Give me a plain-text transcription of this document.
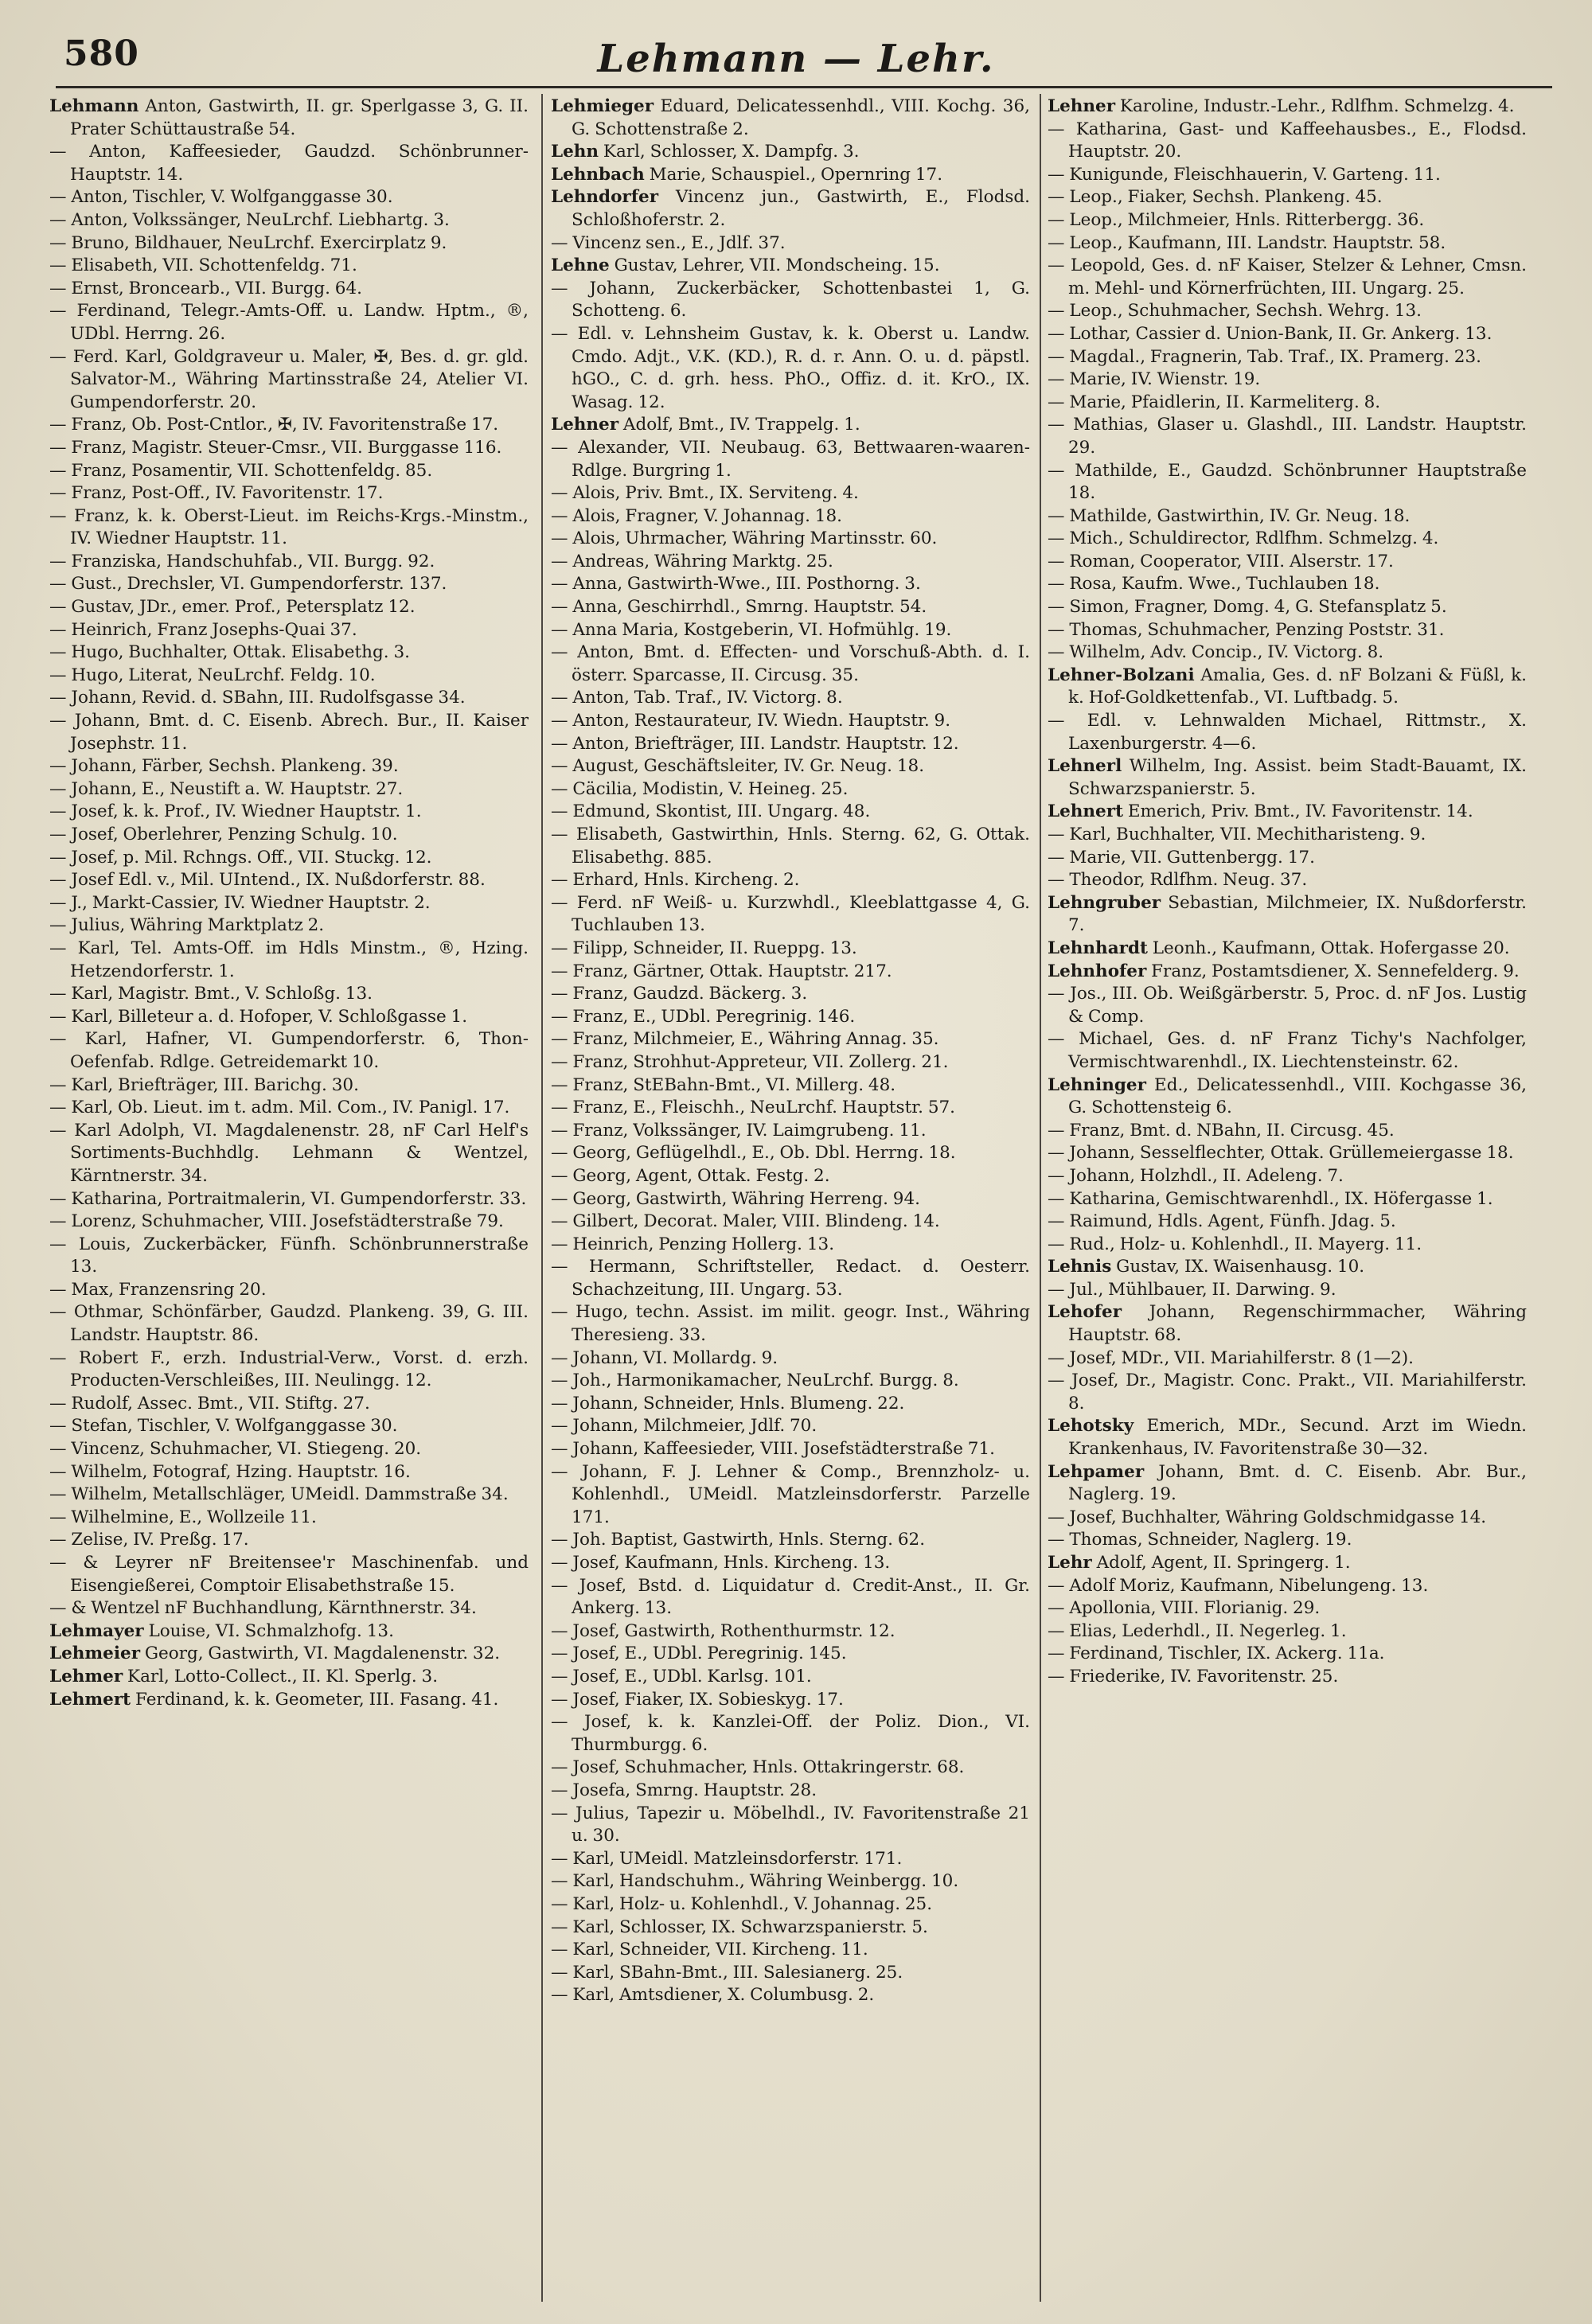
580	Lehmann — Lehr.

Lehmann Anton, Gastwirth, II. gr. Sperlgasse 3, G. II. Prater Schüttaustraße 54.

— Anton, Kaffeesieder, Gaudzd. Schönbrunner-Hauptstr. 14.

— Anton, Tischler, V. Wolfganggasse 30.

— Anton, Volkssänger, NeuLrchf. Liebhartg. 3.

— Bruno, Bildhauer, NeuLrchf. Exercirplatz 9.

— Elisabeth, VII. Schottenfeldg. 71.

— Ernst, Broncearb., VII. Burgg. 64.

— Ferdinand, Telegr.-Amts-Off. u. Landw. Hptm., ®, UDbl. Herrng. 26.

— Ferd. Karl, Goldgraveur u. Maler, ✠, Bes. d. gr. gld. Salvator-M., Währing Martinsstraße 24, Atelier VI. Gumpendorferstr. 20.

— Franz, Ob. Post-Cntlor., ✠, IV. Favoritenstraße 17.

— Franz, Magistr. Steuer-Cmsr., VII. Burggasse 116.

— Franz, Posamentir, VII. Schottenfeldg. 85.

— Franz, Post-Off., IV. Favoritenstr. 17.

— Franz, k. k. Oberst-Lieut. im Reichs-Krgs.-Minstm., IV. Wiedner Hauptstr. 11.

— Franziska, Handschuhfab., VII. Burgg. 92.

— Gust., Drechsler, VI. Gumpendorferstr. 137.

— Gustav, JDr., emer. Prof., Petersplatz 12.

— Heinrich, Franz Josephs-Quai 37.

— Hugo, Buchhalter, Ottak. Elisabethg. 3.

— Hugo, Literat, NeuLrchf. Feldg. 10.

— Johann, Revid. d. SBahn, III. Rudolfsgasse 34.

— Johann, Bmt. d. C. Eisenb. Abrech. Bur., II. Kaiser Josephstr. 11.

— Johann, Färber, Sechsh. Plankeng. 39.

— Johann, E., Neustift a. W. Hauptstr. 27.

— Josef, k. k. Prof., IV. Wiedner Hauptstr. 1.

— Josef, Oberlehrer, Penzing Schulg. 10.

— Josef, p. Mil. Rchngs. Off., VII. Stuckg. 12.

— Josef Edl. v., Mil. UIntend., IX. Nußdorferstr. 88.

— J., Markt-Cassier, IV. Wiedner Hauptstr. 2.

— Julius, Währing Marktplatz 2.

— Karl, Tel. Amts-Off. im Hdls Minstm., ®, Hzing. Hetzendorferstr. 1.

— Karl, Magistr. Bmt., V. Schloßg. 13.

— Karl, Billeteur a. d. Hofoper, V. Schloßgasse 1.

— Karl, Hafner, VI. Gumpendorferstr. 6, Thon-Oefenfab. Rdlge. Getreidemarkt 10.

— Karl, Briefträger, III. Barichg. 30.

— Karl, Ob. Lieut. im t. adm. Mil. Com., IV. Panigl. 17.

— Karl Adolph, VI. Magdalenenstr. 28, nF Carl Helf's Sortiments-Buchhdlg. Lehmann & Wentzel, Kärntnerstr. 34.

— Katharina, Portraitmalerin, VI. Gumpendorferstr. 33.

— Lorenz, Schuhmacher, VIII. Josefstädterstraße 79.

— Louis, Zuckerbäcker, Fünfh. Schönbrunnerstraße 13.

— Max, Franzensring 20.

— Othmar, Schönfärber, Gaudzd. Plankeng. 39, G. III. Landstr. Hauptstr. 86.

— Robert F., erzh. Industrial-Verw., Vorst. d. erzh. Producten-Verschleißes, III. Neulingg. 12.

— Rudolf, Assec. Bmt., VII. Stiftg. 27.

— Stefan, Tischler, V. Wolfganggasse 30.

— Vincenz, Schuhmacher, VI. Stiegeng. 20.

— Wilhelm, Fotograf, Hzing. Hauptstr. 16.

— Wilhelm, Metallschläger, UMeidl. Dammstraße 34.

— Wilhelmine, E., Wollzeile 11.

— Zelise, IV. Preßg. 17.

— & Leyrer nF Breitensee'r Maschinenfab. und Eisengießerei, Comptoir Elisabethstraße 15.

— & Wentzel nF Buchhandlung, Kärnthnerstr. 34.

Lehmayer Louise, VI. Schmalzhofg. 13.

Lehmeier Georg, Gastwirth, VI. Magdalenenstr. 32.

Lehmer Karl, Lotto-Collect., II. Kl. Sperlg. 3.

Lehmert Ferdinand, k. k. Geometer, III. Fasang. 41.

Lehmieger Eduard, Delicatessenhdl., VIII. Kochg. 36, G. Schottenstraße 2.

Lehn Karl, Schlosser, X. Dampfg. 3.

Lehnbach Marie, Schauspiel., Opernring 17.

Lehndorfer Vincenz jun., Gastwirth, E., Flodsd. Schloßhoferstr. 2.

— Vincenz sen., E., Jdlf. 37.

Lehne Gustav, Lehrer, VII. Mondscheing. 15.

— Johann, Zuckerbäcker, Schottenbastei 1, G. Schotteng. 6.

— Edl. v. Lehnsheim Gustav, k. k. Oberst u. Landw. Cmdo. Adjt., V.K. (KD.), R. d. r. Ann. O. u. d. päpstl. hGO., C. d. grh. hess. PhO., Offiz. d. it. KrO., IX. Wasag. 12.

Lehner Adolf, Bmt., IV. Trappelg. 1.

— Alexander, VII. Neubaug. 63, Bettwaaren-waaren-Rdlge. Burgring 1.

— Alois, Priv. Bmt., IX. Serviteng. 4.

— Alois, Fragner, V. Johannag. 18.

— Alois, Uhrmacher, Währing Martinsstr. 60.

— Andreas, Währing Marktg. 25.

— Anna, Gastwirth-Wwe., III. Posthorng. 3.

— Anna, Geschirrhdl., Smrng. Hauptstr. 54.

— Anna Maria, Kostgeberin, VI. Hofmühlg. 19.

— Anton, Bmt. d. Effecten- und Vorschuß-Abth. d. I. österr. Sparcasse, II. Circusg. 35.

— Anton, Tab. Traf., IV. Victorg. 8.

— Anton, Restaurateur, IV. Wiedn. Hauptstr. 9.

— Anton, Briefträger, III. Landstr. Hauptstr. 12.

— August, Geschäftsleiter, IV. Gr. Neug. 18.

— Cäcilia, Modistin, V. Heineg. 25.

— Edmund, Skontist, III. Ungarg. 48.

— Elisabeth, Gastwirthin, Hnls. Sterng. 62, G. Ottak. Elisabethg. 885.

— Erhard, Hnls. Kircheng. 2.

— Ferd. nF Weiß- u. Kurzwhdl., Kleeblattgasse 4, G. Tuchlauben 13.

— Filipp, Schneider, II. Rueppg. 13.

— Franz, Gärtner, Ottak. Hauptstr. 217.

— Franz, Gaudzd. Bäckerg. 3.

— Franz, E., UDbl. Peregrinig. 146.

— Franz, Milchmeier, E., Währing Annag. 35.

— Franz, Strohhut-Appreteur, VII. Zollerg. 21.

— Franz, StEBahn-Bmt., VI. Millerg. 48.

— Franz, E., Fleischh., NeuLrchf. Hauptstr. 57.

— Franz, Volkssänger, IV. Laimgrubeng. 11.

— Georg, Geflügelhdl., E., Ob. Dbl. Herrng. 18.

— Georg, Agent, Ottak. Festg. 2.

— Georg, Gastwirth, Währing Herreng. 94.

— Gilbert, Decorat. Maler, VIII. Blindeng. 14.

— Heinrich, Penzing Hollerg. 13.

— Hermann, Schriftsteller, Redact. d. Oesterr. Schachzeitung, III. Ungarg. 53.

— Hugo, techn. Assist. im milit. geogr. Inst., Währing Theresieng. 33.

— Johann, VI. Mollardg. 9.

— Joh., Harmonikamacher, NeuLrchf. Burgg. 8.

— Johann, Schneider, Hnls. Blumeng. 22.

— Johann, Milchmeier, Jdlf. 70.

— Johann, Kaffeesieder, VIII. Josefstädterstraße 71.

— Johann, F. J. Lehner & Comp., Brennzholz- u. Kohlenhdl., UMeidl. Matzleinsdorferstr. Parzelle 171.

— Joh. Baptist, Gastwirth, Hnls. Sterng. 62.

— Josef, Kaufmann, Hnls. Kircheng. 13.

— Josef, Bstd. d. Liquidatur d. Credit-Anst., II. Gr. Ankerg. 13.

— Josef, Gastwirth, Rothenthurmstr. 12.

— Josef, E., UDbl. Peregrinig. 145.

— Josef, E., UDbl. Karlsg. 101.

— Josef, Fiaker, IX. Sobieskyg. 17.

— Josef, k. k. Kanzlei-Off. der Poliz. Dion., VI. Thurmburgg. 6.

— Josef, Schuhmacher, Hnls. Ottakringerstr. 68.

— Josefa, Smrng. Hauptstr. 28.

— Julius, Tapezir u. Möbelhdl., IV. Favoritenstraße 21 u. 30.

— Karl, UMeidl. Matzleinsdorferstr. 171.

— Karl, Handschuhm., Währing Weinbergg. 10.

— Karl, Holz- u. Kohlenhdl., V. Johannag. 25.

— Karl, Schlosser, IX. Schwarzspanierstr. 5.

— Karl, Schneider, VII. Kircheng. 11.

— Karl, SBahn-Bmt., III. Salesianerg. 25.

— Karl, Amtsdiener, X. Columbusg. 2.

Lehner Karoline, Industr.-Lehr., Rdlfhm. Schmelzg. 4.

— Katharina, Gast- und Kaffeehausbes., E., Flodsd. Hauptstr. 20.

— Kunigunde, Fleischhauerin, V. Garteng. 11.

— Leop., Fiaker, Sechsh. Plankeng. 45.

— Leop., Milchmeier, Hnls. Ritterbergg. 36.

— Leop., Kaufmann, III. Landstr. Hauptstr. 58.

— Leopold, Ges. d. nF Kaiser, Stelzer & Lehner, Cmsn. m. Mehl- und Körnerfrüchten, III. Ungarg. 25.

— Leop., Schuhmacher, Sechsh. Wehrg. 13.

— Lothar, Cassier d. Union-Bank, II. Gr. Ankerg. 13.

— Magdal., Fragnerin, Tab. Traf., IX. Pramerg. 23.

— Marie, IV. Wienstr. 19.

— Marie, Pfaidlerin, II. Karmeliterg. 8.

— Mathias, Glaser u. Glashdl., III. Landstr. Hauptstr. 29.

— Mathilde, E., Gaudzd. Schönbrunner Hauptstraße 18.

— Mathilde, Gastwirthin, IV. Gr. Neug. 18.

— Mich., Schuldirector, Rdlfhm. Schmelzg. 4.

— Roman, Cooperator, VIII. Alserstr. 17.

— Rosa, Kaufm. Wwe., Tuchlauben 18.

— Simon, Fragner, Domg. 4, G. Stefansplatz 5.

— Thomas, Schuhmacher, Penzing Poststr. 31.

— Wilhelm, Adv. Concip., IV. Victorg. 8.

Lehner-Bolzani Amalia, Ges. d. nF Bolzani & Füßl, k. k. Hof-Goldkettenfab., VI. Luftbadg. 5.

— Edl. v. Lehnwalden Michael, Rittmstr., X. Laxenburgerstr. 4—6.

Lehnerl Wilhelm, Ing. Assist. beim Stadt-Bauamt, IX. Schwarzspanierstr. 5.

Lehnert Emerich, Priv. Bmt., IV. Favoritenstr. 14.

— Karl, Buchhalter, VII. Mechitharisteng. 9.

— Marie, VII. Guttenbergg. 17.

— Theodor, Rdlfhm. Neug. 37.

Lehngruber Sebastian, Milchmeier, IX. Nußdorferstr. 7.

Lehnhardt Leonh., Kaufmann, Ottak. Hofergasse 20.

Lehnhofer Franz, Postamtsdiener, X. Sennefelderg. 9.

— Jos., III. Ob. Weißgärberstr. 5, Proc. d. nF Jos. Lustig & Comp.

— Michael, Ges. d. nF Franz Tichy's Nachfolger, Vermischtwarenhdl., IX. Liechtensteinstr. 62.

Lehninger Ed., Delicatessenhdl., VIII. Kochgasse 36, G. Schottensteig 6.

— Franz, Bmt. d. NBahn, II. Circusg. 45.

— Johann, Sesselflechter, Ottak. Grüllemeiergasse 18.

— Johann, Holzhdl., II. Adeleng. 7.

— Katharina, Gemischtwarenhdl., IX. Höfergasse 1.

— Raimund, Hdls. Agent, Fünfh. Jdag. 5.

— Rud., Holz- u. Kohlenhdl., II. Mayerg. 11.

Lehnis Gustav, IX. Waisenhausg. 10.

— Jul., Mühlbauer, II. Darwing. 9.

Lehofer Johann, Regenschirmmacher, Währing Hauptstr. 68.

— Josef, MDr., VII. Mariahilferstr. 8 (1—2).

— Josef, Dr., Magistr. Conc. Prakt., VII. Mariahilferstr. 8.

Lehotsky Emerich, MDr., Secund. Arzt im Wiedn. Krankenhaus, IV. Favoritenstraße 30—32.

Lehpamer Johann, Bmt. d. C. Eisenb. Abr. Bur., Naglerg. 19.

— Josef, Buchhalter, Währing Goldschmidgasse 14.

— Thomas, Schneider, Naglerg. 19.

Lehr Adolf, Agent, II. Springerg. 1.

— Adolf Moriz, Kaufmann, Nibelungeng. 13.

— Apollonia, VIII. Florianig. 29.

— Elias, Lederhdl., II. Negerleg. 1.

— Ferdinand, Tischler, IX. Ackerg. 11a.

— Friederike, IV. Favoritenstr. 25.
